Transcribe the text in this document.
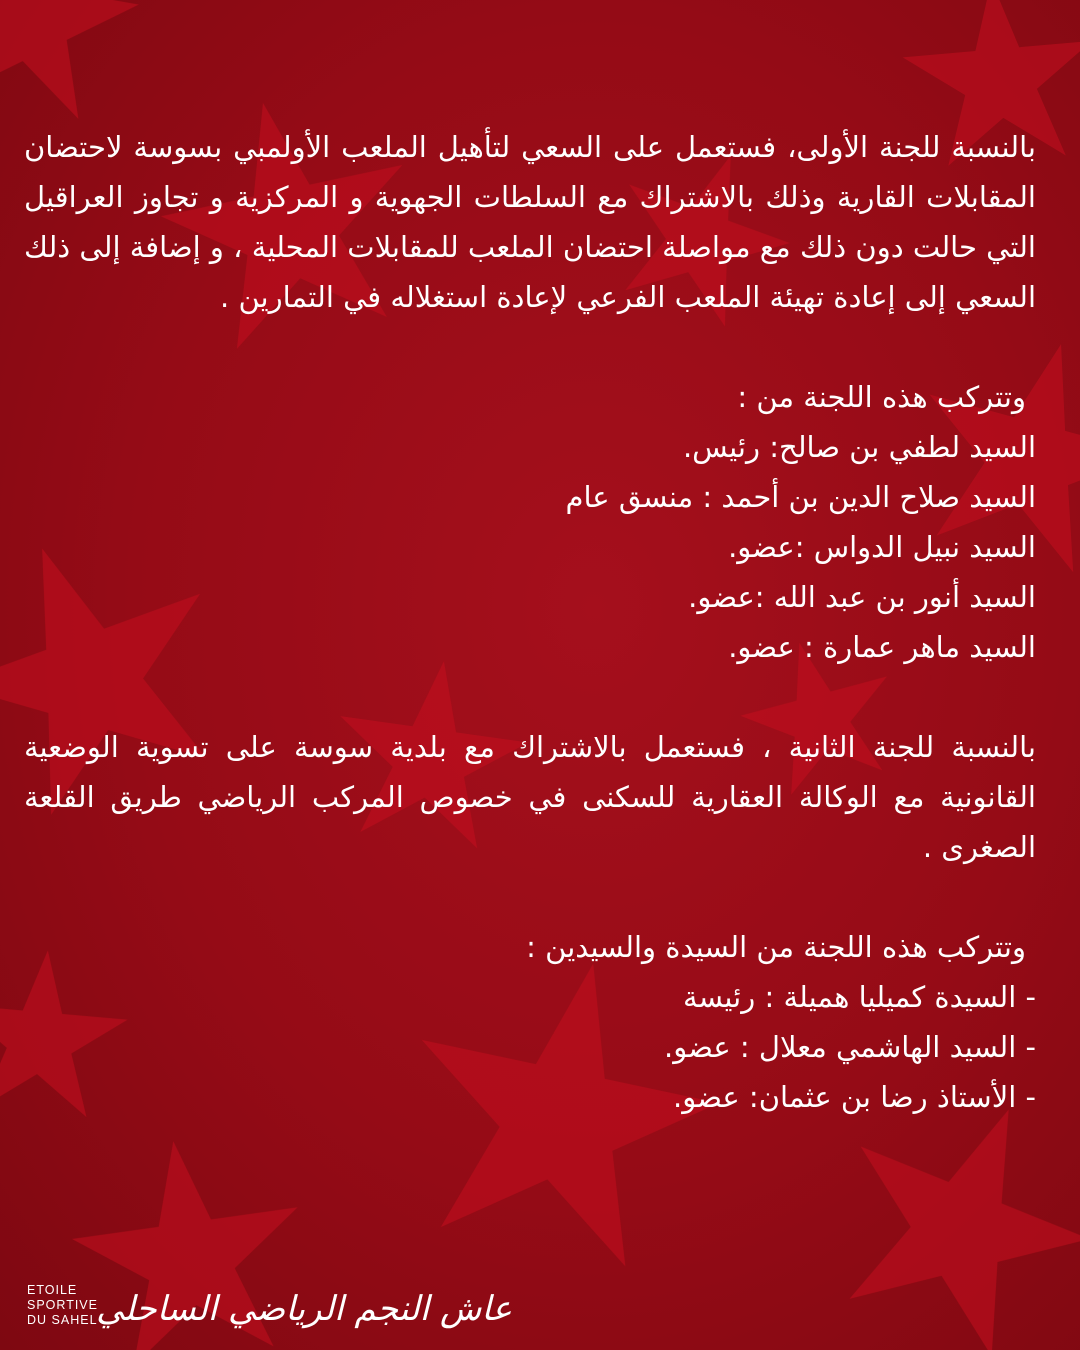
بالنسبة للجنة الأولى، فستعمل على السعي لتأهيل الملعب الأولمبي بسوسة لاحتضان المقابلات القارية وذلك بالاشتراك مع السلطات الجهوية و المركزية و تجاوز العراقيل التي حالت دون ذلك مع مواصلة احتضان الملعب للمقابلات المحلية ، و إضافة إلى ذلك السعي إلى إعادة تهيئة الملعب الفرعي لإعادة استغلاله في التمارين .

وتتركب هذه اللجنة من :

السيد لطفي بن صالح: رئيس.

السيد صلاح الدين بن أحمد : منسق عام

السيد نبيل الدواس :عضو.

السيد أنور بن عبد الله :عضو.

السيد ماهر عمارة : عضو.

بالنسبة للجنة الثانية ، فستعمل بالاشتراك مع بلدية سوسة على تسوية الوضعية القانونية مع الوكالة العقارية للسكنى في خصوص المركب الرياضي طريق القلعة الصغرى .

وتتركب هذه اللجنة من السيدة والسيدين :

- السيدة كميليا هميلة : رئيسة

- السيد الهاشمي معلال : عضو.

- الأستاذ رضا بن عثمان: عضو.

ETOILE
SPORTIVE
DU SAHEL
عاش النجم الرياضي الساحلي
